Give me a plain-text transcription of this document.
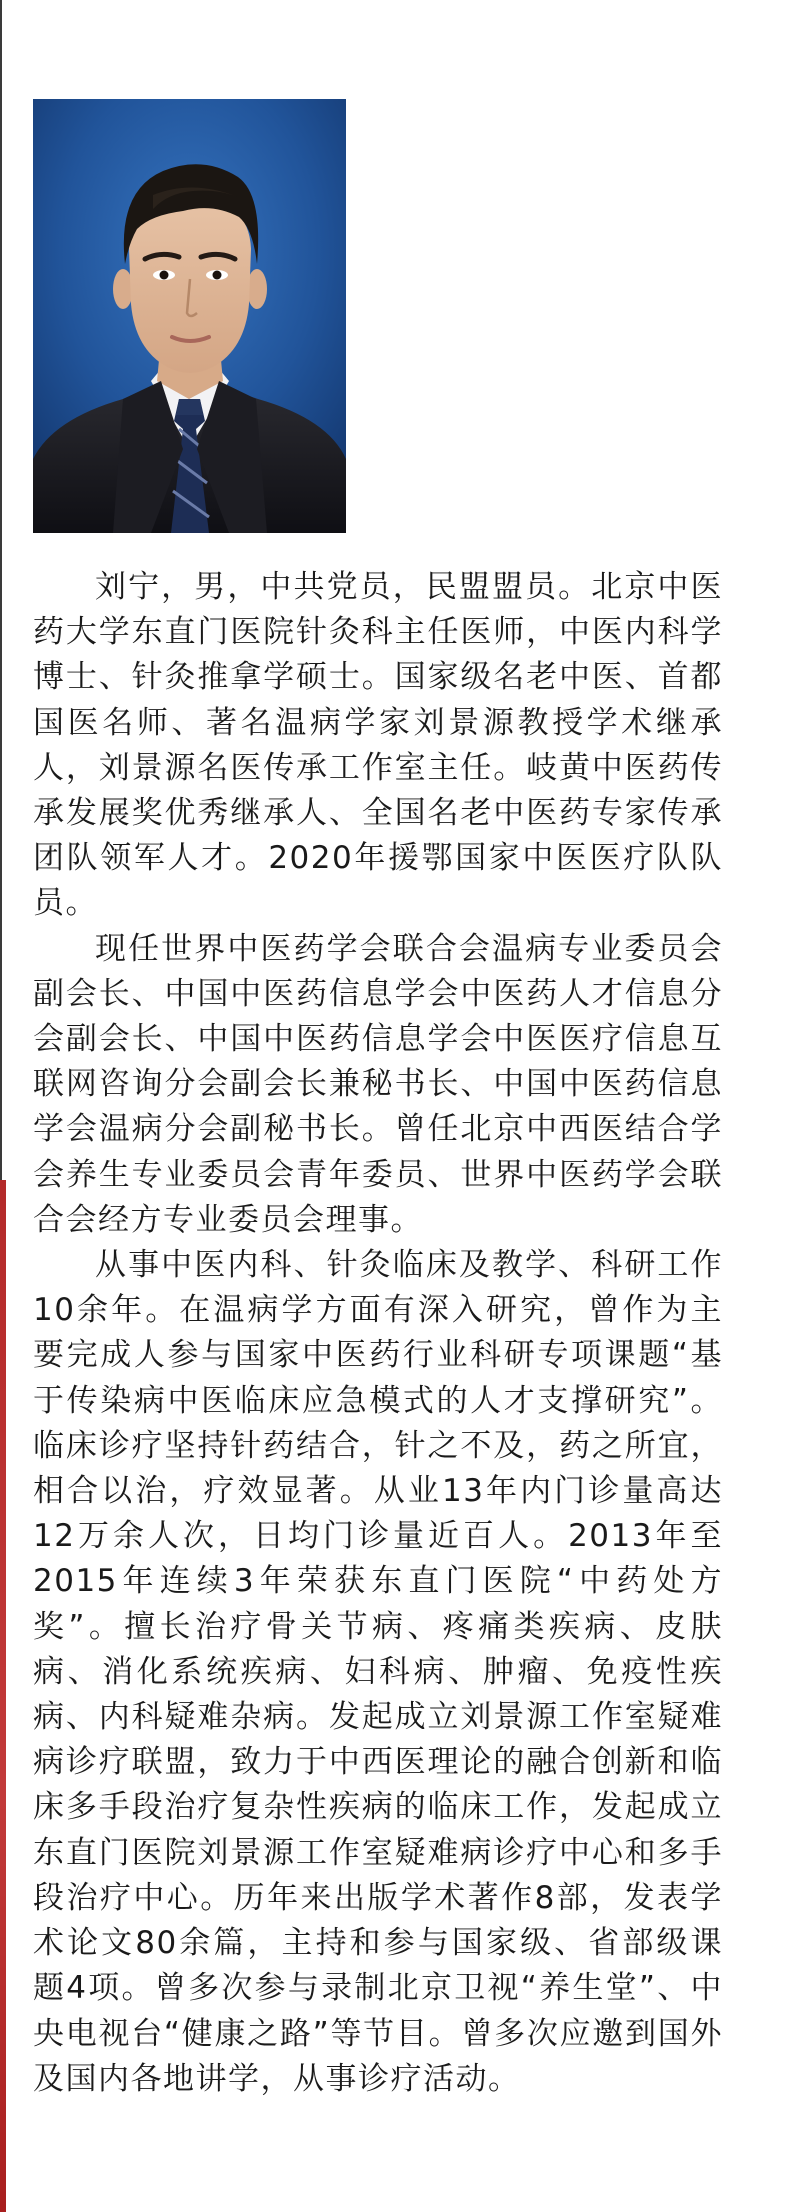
刘宁，男，中共党员，民盟盟员。北京中医药大学东直门医院针灸科主任医师，中医内科学博士、针灸推拿学硕士。国家级名老中医、首都国医名师、著名温病学家刘景源教授学术继承人，刘景源名医传承工作室主任。岐黄中医药传承发展奖优秀继承人、全国名老中医药专家传承团队领军人才。2020年援鄂国家中医医疗队队员。

现任世界中医药学会联合会温病专业委员会副会长、中国中医药信息学会中医药人才信息分会副会长、中国中医药信息学会中医医疗信息互联网咨询分会副会长兼秘书长、中国中医药信息学会温病分会副秘书长。曾任北京中西医结合学会养生专业委员会青年委员、世界中医药学会联合会经方专业委员会理事。

从事中医内科、针灸临床及教学、科研工作10余年。在温病学方面有深入研究，曾作为主要完成人参与国家中医药行业科研专项课题“基于传染病中医临床应急模式的人才支撑研究”。临床诊疗坚持针药结合，针之不及，药之所宜，相合以治，疗效显著。从业13年内门诊量高达12万余人次，日均门诊量近百人。2013年至2015年连续3年荣获东直门医院“中药处方奖”。擅长治疗骨关节病、疼痛类疾病、皮肤病、消化系统疾病、妇科病、肿瘤、免疫性疾病、内科疑难杂病。发起成立刘景源工作室疑难病诊疗联盟，致力于中西医理论的融合创新和临床多手段治疗复杂性疾病的临床工作，发起成立东直门医院刘景源工作室疑难病诊疗中心和多手段治疗中心。历年来出版学术著作8部，发表学术论文80余篇，主持和参与国家级、省部级课题4项。曾多次参与录制北京卫视“养生堂”、中央电视台“健康之路”等节目。曾多次应邀到国外及国内各地讲学，从事诊疗活动。
